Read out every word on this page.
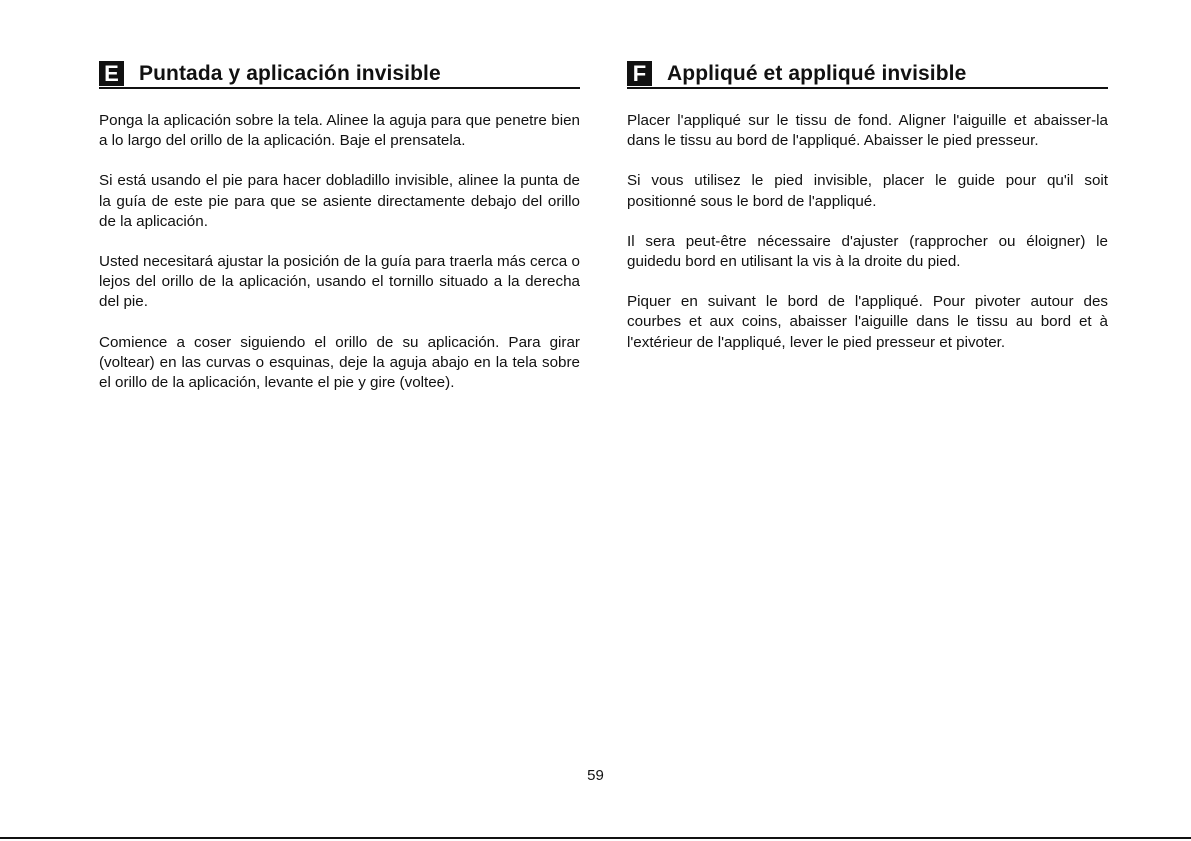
E Puntada y aplicación invisible

Ponga la aplicación sobre la tela. Alinee la aguja para que penetre bien a lo largo del orillo de la aplicación. Baje el prensatela.

Si está usando el pie para hacer dobladillo invisible, alinee la punta de la guía de este pie para que se asiente directamente debajo del orillo de la aplicación.

Usted necesitará ajustar la posición de la guía para traerla más cerca o lejos del orillo de la aplicación, usando el tornillo situado a la derecha del pie.

Comience a coser siguiendo el orillo de su aplicación. Para girar (voltear) en las curvas o esquinas, deje la aguja abajo en la tela sobre el orillo de la aplicación, levante el pie y gire (voltee).

F Appliqué et appliqué invisible

Placer l'appliqué sur le tissu de fond. Aligner l'aiguille et abaisser-la dans le tissu au bord de l'appliqué. Abaisser le pied presseur.

Si vous utilisez le pied invisible, placer le guide pour qu'il soit positionné sous le bord de l'appliqué.

Il sera peut-être nécessaire d'ajuster (rapprocher ou éloigner) le guidedu bord en utilisant la vis à la droite du pied.

Piquer en suivant le bord de l'appliqué. Pour pivoter autour des courbes et aux coins, abaisser l'aiguille dans le tissu au bord et à l'extérieur de l'appliqué, lever le pied presseur et pivoter.

59
